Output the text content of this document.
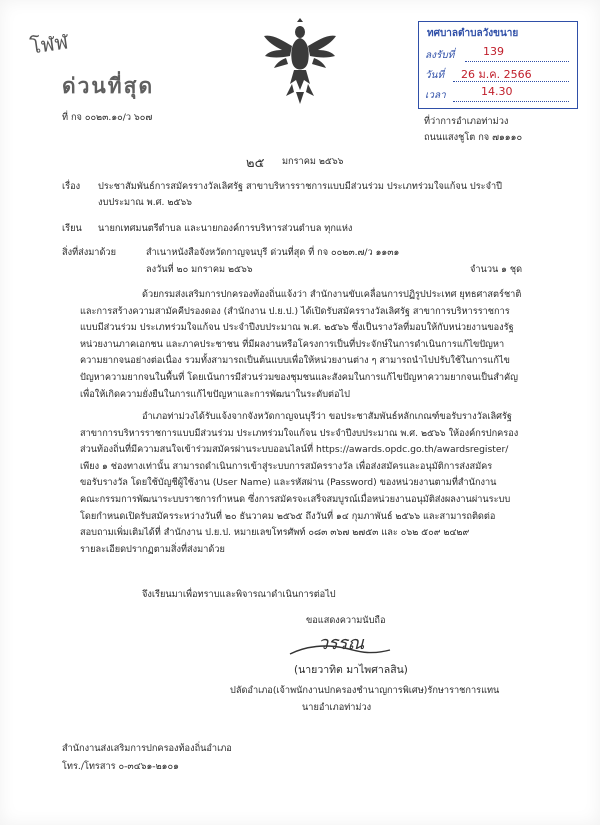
โฬฬ
ด่วนที่สุด
ทศบาลตำบลวังขนาย
ลงรับที่	139
วันที่ 26 ม.ค. 2566
เวลา	14.30
ที่ กจ ๐๐๒๓.๑๐/ว ๖๐๗	ที่ว่าการอำเภอท่าม่วง
ถนนแสงชูโต กจ ๗๑๑๑๐
๒๕ มกราคม ๒๕๖๖
เรื่อง ประชาสัมพันธ์การสมัครรางวัลเลิศรัฐ สาขาบริหารราชการแบบมีส่วนร่วม ประเภทร่วมใจแก้จน ประจำปี
งบประมาณ พ.ศ. ๒๕๖๖
เรียน นายกเทศมนตรีตำบล และนายกองค์การบริหารส่วนตำบล ทุกแห่ง
สิ่งที่ส่งมาด้วย	สำเนาหนังสือจังหวัดกาญจนบุรี ด่วนที่สุด ที่ กจ ๐๐๒๓.๗/ว ๑๑๓๑
ลงวันที่ ๒๐ มกราคม ๒๕๖๖	จำนวน ๑ ชุด
ด้วยกรมส่งเสริมการปกครองท้องถิ่นแจ้งว่า สำนักงานขับเคลื่อนการปฏิรูปประเทศ ยุทธศาสตร์ชาติ
และการสร้างความสามัคคีปรองดอง (สำนักงาน ป.ย.ป.) ได้เปิดรับสมัครรางวัลเลิศรัฐ สาขาการบริหารราชการ
แบบมีส่วนร่วม ประเภทร่วมใจแก้จน ประจำปีงบประมาณ พ.ศ. ๒๕๖๖ ซึ่งเป็นรางวัลที่มอบให้กับหน่วยงานของรัฐ
หน่วยงานภาคเอกชน และภาคประชาชน ที่มีผลงานหรือโครงการเป็นที่ประจักษ์ในการดำเนินการแก้ไขปัญหา
ความยากจนอย่างต่อเนื่อง รวมทั้งสามารถเป็นต้นแบบเพื่อให้หน่วยงานต่าง ๆ สามารถนำไปปรับใช้ในการแก้ไข
ปัญหาความยากจนในพื้นที่ โดยเน้นการมีส่วนร่วมของชุมชนและสังคมในการแก้ไขปัญหาความยากจนเป็นสำคัญ
เพื่อให้เกิดความยั่งยืนในการแก้ไขปัญหาและการพัฒนาในระดับต่อไป
อำเภอท่าม่วงได้รับแจ้งจากจังหวัดกาญจนบุรีว่า ขอประชาสัมพันธ์หลักเกณฑ์ขอรับรางวัลเลิศรัฐ
สาขาการบริหารราชการแบบมีส่วนร่วม ประเภทร่วมใจแก้จน ประจำปีงบประมาณ พ.ศ. ๒๕๖๖ ให้องค์กรปกครอง
ส่วนท้องถิ่นที่มีความสนใจเข้าร่วมสมัครผ่านระบบออนไลน์ที่ https://awards.opdc.go.th/awardsregister/
เพียง ๑ ช่องทางเท่านั้น สามารถดำเนินการเข้าสู่ระบบการสมัครรางวัล เพื่อส่งสมัครและอนุมัติการส่งสมัคร
ขอรับรางวัล โดยใช้บัญชีผู้ใช้งาน (User Name) และรหัสผ่าน (Password) ของหน่วยงานตามที่สำนักงาน
คณะกรรมการพัฒนาระบบราชการกำหนด ซึ่งการสมัครจะเสร็จสมบูรณ์เมื่อหน่วยงานอนุมัติส่งผลงานผ่านระบบ
โดยกำหนดเปิดรับสมัครระหว่างวันที่ ๒๐ ธันวาคม ๒๕๖๕ ถึงวันที่ ๑๔ กุมภาพันธ์ ๒๕๖๖ และสามารถติดต่อ
สอบถามเพิ่มเติมได้ที่ สำนักงาน ป.ย.ป. หมายเลขโทรศัพท์ ๐๘๓ ๓๖๗ ๒๗๕๓ และ ๐๖๒ ๕๐๙ ๒๔๒๙
รายละเอียดปรากฏตามสิ่งที่ส่งมาด้วย
จึงเรียนมาเพื่อทราบและพิจารณาดำเนินการต่อไป
ขอแสดงความนับถือ
วรรณ
(นายวาทิต มาไพศาลสิน)
ปลัดอำเภอ(เจ้าพนักงานปกครองชำนาญการพิเศษ)รักษาราชการแทน
นายอำเภอท่าม่วง
สำนักงานส่งเสริมการปกครองท้องถิ่นอำเภอ
โทร./โทรสาร ๐-๓๔๖๑-๒๑๐๑
